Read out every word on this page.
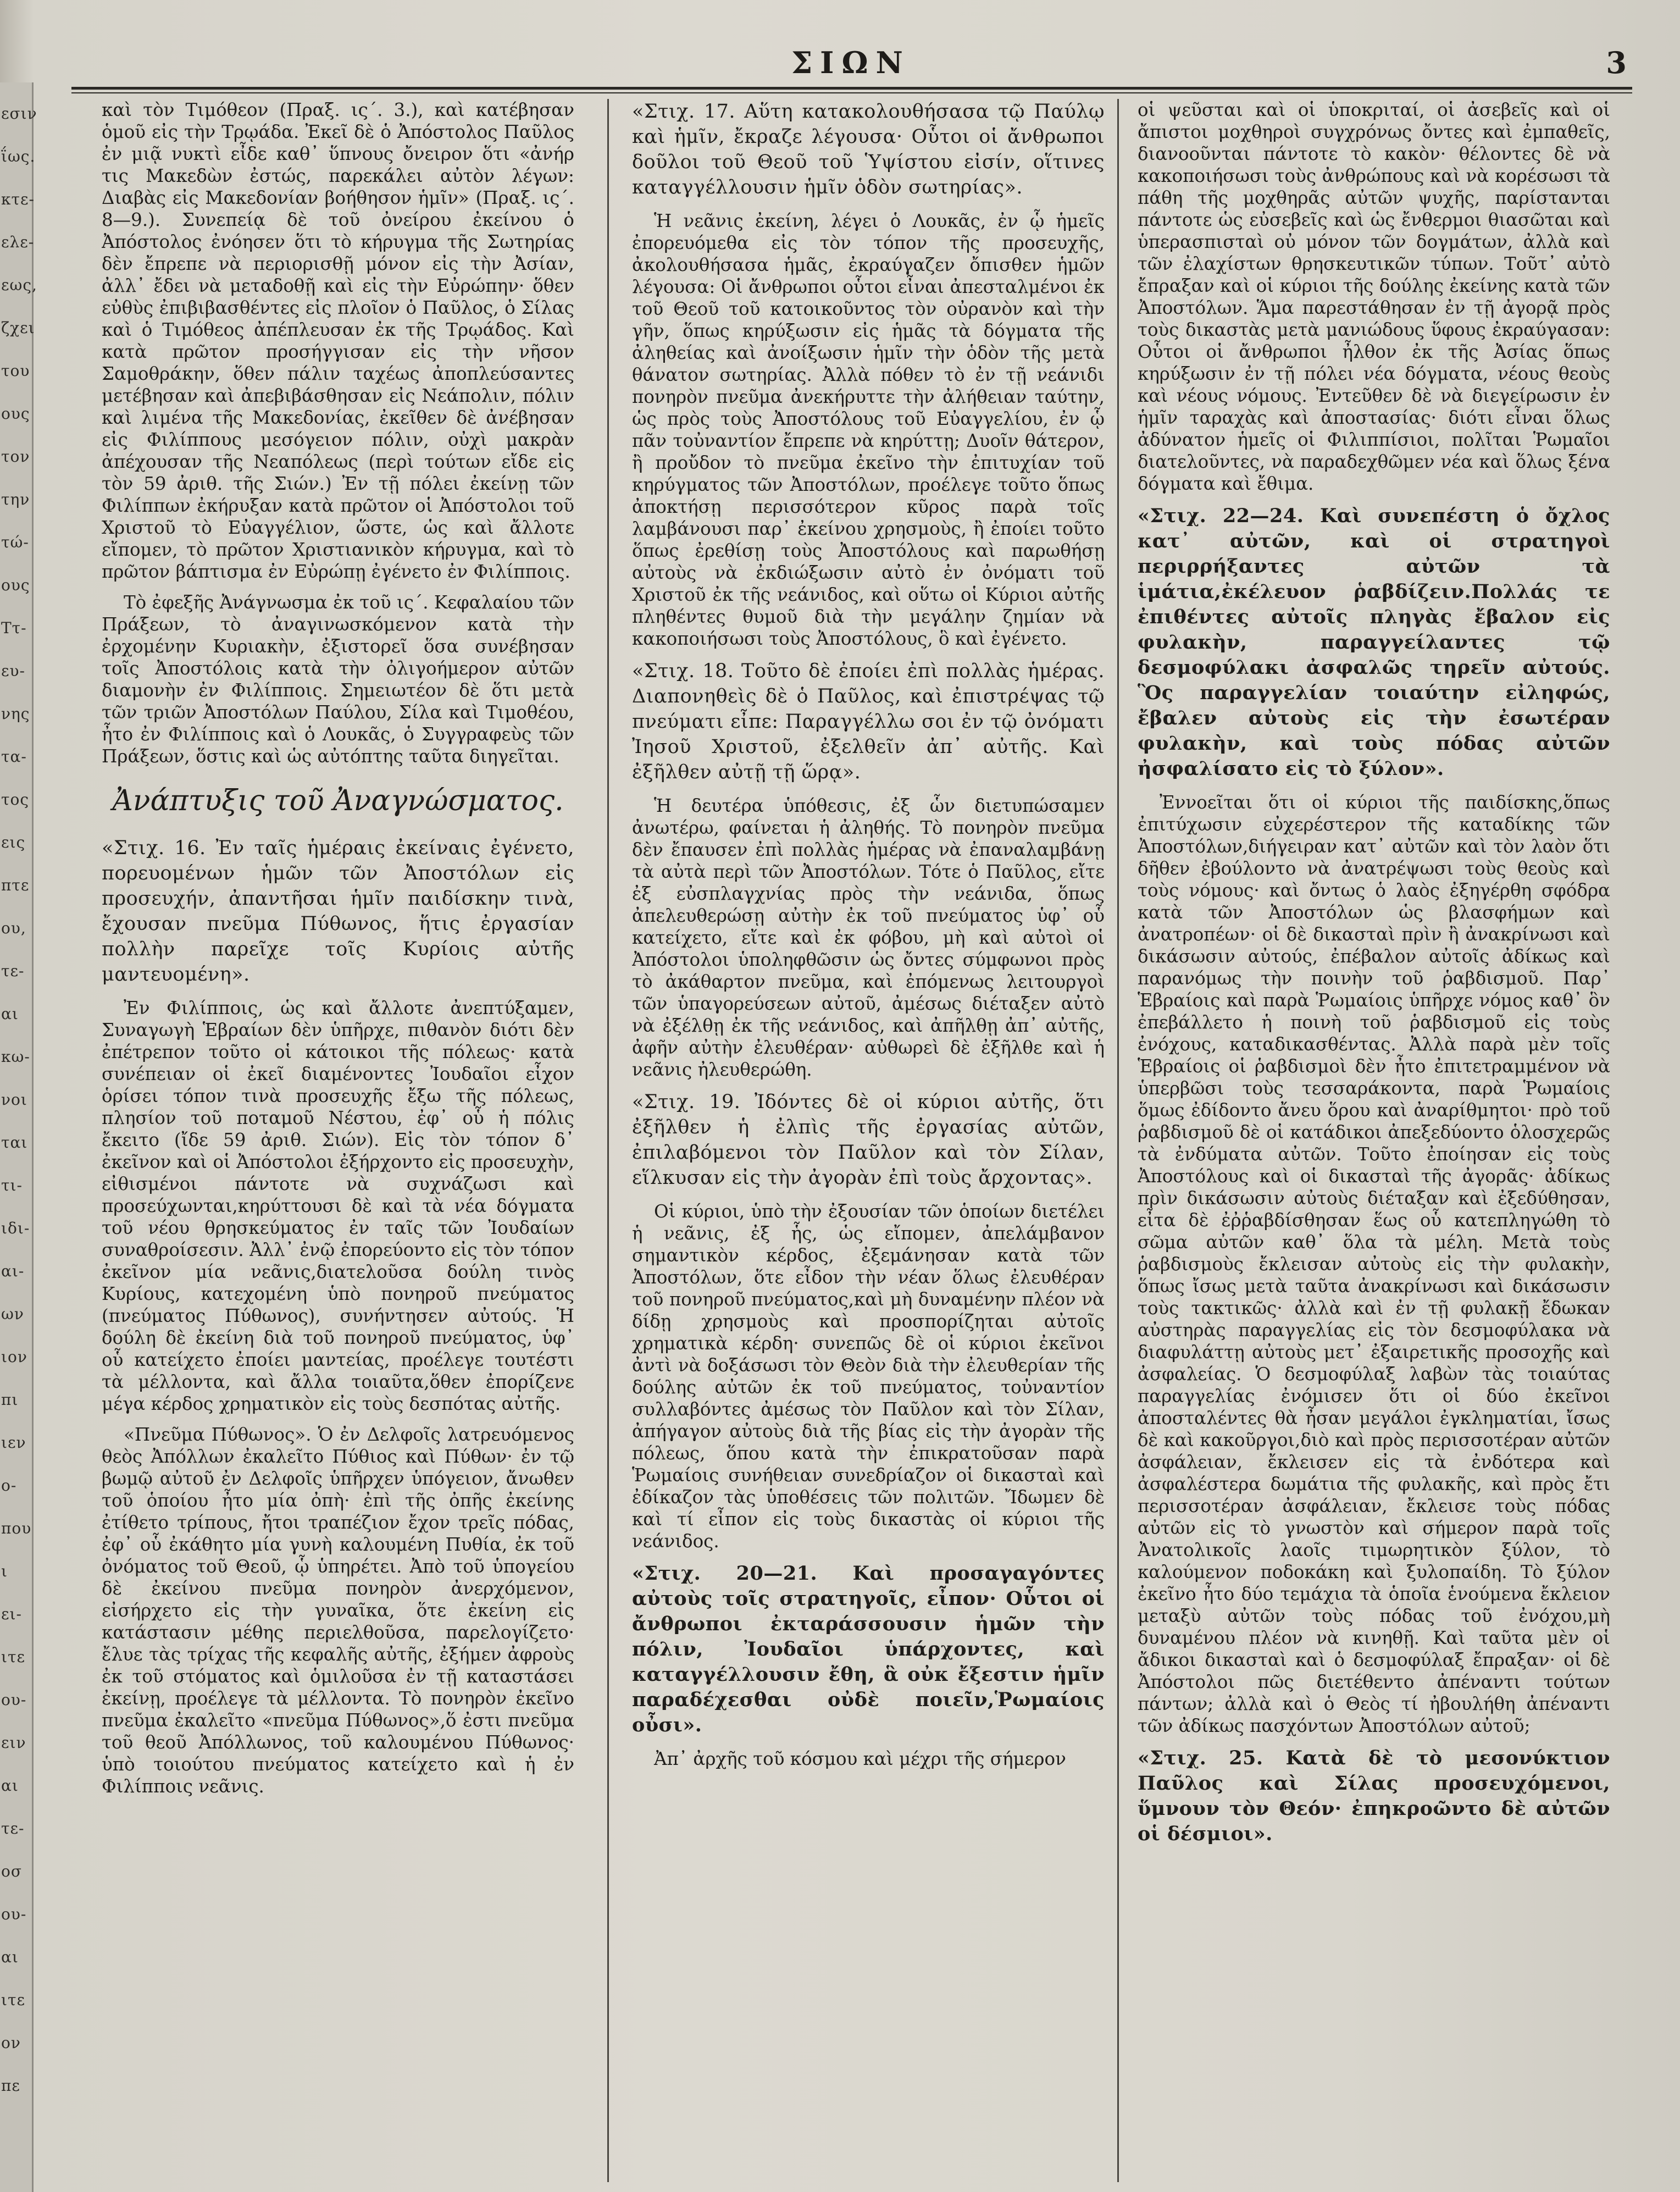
εσιν
ΐως.
κτε-
ελε-
εως,
ζχει
του
ους
τον
την
τώ-
ους
Ττ-
ευ-
νης
τα-
τος
εις
πτε
ου,
τε-
αι
κω-
νοι
ται
τι-
ιδι-
αι-
ων
ιον
πι
ιεν
ο-
που
ι
ει-
ιτε
ου-
ειν
αι
τε-
οσ
ου-
αι
ιτε
ον
πε
ΣΙΩΝ	3

καὶ τὸν Τιμόθεον (Πραξ. ις΄. 3.), καὶ κατέβησαν ὁμοῦ εἰς τὴν Τρῳάδα. Ἐκεῖ δὲ ὁ Ἀπόστολος Παῦλος ἐν μιᾷ νυκτὶ εἶδε καθ᾿ ὕπνους ὄνειρον ὅτι «ἀνήρ τις Μακεδὼν ἐστώς, παρεκάλει αὐτὸν λέγων: Διαβὰς εἰς Μακεδονίαν βοήθησον ἡμῖν» (Πραξ. ις΄. 8—9.). Συνεπείᾳ δὲ τοῦ ὀνείρου ἐκείνου ὁ Ἀπόστολος ἐνόησεν ὅτι τὸ κήρυγμα τῆς Σωτηρίας δὲν ἔπρεπε νὰ περιορισθῇ μόνον εἰς τὴν Ἀσίαν, ἀλλ᾿ ἔδει νὰ μεταδοθῇ καὶ εἰς τὴν Εὐρώπην· ὅθεν εὐθὺς ἐπιβιβασθέντες εἰς πλοῖον ὁ Παῦλος, ὁ Σίλας καὶ ὁ Τιμόθεος ἀπέπλευσαν ἐκ τῆς Τρῳάδος. Καὶ κατὰ πρῶτον προσήγγισαν εἰς τὴν νῆσον Σαμοθράκην, ὅθεν πάλιν ταχέως ἀποπλεύσαντες μετέβησαν καὶ ἀπεβιβάσθησαν εἰς Νεάπολιν, πόλιν καὶ λιμένα τῆς Μακεδονίας, ἐκεῖθεν δὲ ἀνέβησαν εἰς Φιλίππους μεσόγειον πόλιν, οὐχὶ μακρὰν ἀπέχουσαν τῆς Νεαπόλεως (περὶ τούτων εἴδε εἰς τὸν 59 ἀριθ. τῆς Σιών.) Ἐν τῇ πόλει ἐκείνῃ τῶν Φιλίππων ἐκήρυξαν κατὰ πρῶτον οἱ Ἀπόστολοι τοῦ Χριστοῦ τὸ Εὐαγγέλιον, ὥστε, ὡς καὶ ἄλλοτε εἴπομεν, τὸ πρῶτον Χριστιανικὸν κήρυγμα, καὶ τὸ πρῶτον βάπτισμα ἐν Εὐρώπῃ ἐγένετο ἐν Φιλίπποις.

Τὸ ἐφεξῆς Ἀνάγνωσμα ἐκ τοῦ ις΄. Κεφαλαίου τῶν Πράξεων, τὸ ἀναγινωσκόμενον κατὰ τὴν ἐρχομένην Κυριακὴν, ἐξιστορεῖ ὅσα συνέβησαν τοῖς Ἀποστόλοις κατὰ τὴν ὀλιγοήμερον αὐτῶν διαμονὴν ἐν Φιλίπποις. Σημειωτέον δὲ ὅτι μετὰ τῶν τριῶν Ἀποστόλων Παύλου, Σίλα καὶ Τιμοθέου, ἦτο ἐν Φιλίπποις καὶ ὁ Λουκᾶς, ὁ Συγγραφεὺς τῶν Πράξεων, ὅστις καὶ ὡς αὐτόπτης ταῦτα διηγεῖται.

Ἀνάπτυξις τοῦ Ἀναγνώσματος.

«Στιχ. 16. Ἐν ταῖς ἡμέραις ἐκείναις ἐγένετο, πορευομένων ἡμῶν τῶν Ἀποστόλων εἰς προσευχήν, ἀπαντῆσαι ἡμῖν παιδίσκην τινὰ, ἔχουσαν πνεῦμα Πύθωνος, ἥτις ἐργασίαν πολλὴν παρεῖχε τοῖς Κυρίοις αὐτῆς μαντευομένη».

Ἐν Φιλίπποις, ὡς καὶ ἄλλοτε ἀνεπτύξαμεν, Συναγωγὴ Ἑβραίων δὲν ὑπῆρχε, πιθανὸν διότι δὲν ἐπέτρεπον τοῦτο οἱ κάτοικοι τῆς πόλεως· κατὰ συνέπειαν οἱ ἐκεῖ διαμένοντες Ἰουδαῖοι εἶχον ὁρίσει τόπον τινὰ προσευχῆς ἔξω τῆς πόλεως, πλησίον τοῦ ποταμοῦ Νέστου, ἐφ᾿ οὗ ἡ πόλις ἔκειτο (ἴδε 59 ἀριθ. Σιών). Εἰς τὸν τόπον δ᾿ ἐκεῖνον καὶ οἱ Ἀπόστολοι ἐξήρχοντο εἰς προσευχὴν, εἰθισμένοι πάντοτε νὰ συχνάζωσι καὶ προσεύχωνται,κηρύττουσι δὲ καὶ τὰ νέα δόγματα τοῦ νέου θρησκεύματος ἐν ταῖς τῶν Ἰουδαίων συναθροίσεσιν. Ἀλλ᾿ ἐνῷ ἐπορεύοντο εἰς τὸν τόπον ἐκεῖνον μία νεᾶνις,διατελοῦσα δούλη τινὸς Κυρίους, κατεχομένη ὑπὸ πονηροῦ πνεύματος (πνεύματος Πύθωνος), συνήντησεν αὐτούς. Ἡ δούλη δὲ ἐκείνη διὰ τοῦ πονηροῦ πνεύματος, ὑφ᾿ οὗ κατείχετο ἐποίει μαντείας, προέλεγε τουτέστι τὰ μέλλοντα, καὶ ἄλλα τοιαῦτα,ὅθεν ἐπορίζενε μέγα κέρδος χρηματικὸν εἰς τοὺς δεσπότας αὐτῆς.

«Πνεῦμα Πύθωνος». Ὁ ἐν Δελφοῖς λατρευόμενος θεὸς Ἀπόλλων ἐκαλεῖτο Πύθιος καὶ Πύθων· ἐν τῷ βωμῷ αὐτοῦ ἐν Δελφοῖς ὑπῆρχεν ὑπόγειον, ἄνωθεν τοῦ ὁποίου ἦτο μία ὀπὴ· ἐπὶ τῆς ὀπῆς ἐκείνης ἐτίθετο τρίπους, ἤτοι τραπέζιον ἔχον τρεῖς πόδας, ἐφ᾿ οὗ ἐκάθητο μία γυνὴ καλουμένη Πυθία, ἐκ τοῦ ὀνόματος τοῦ Θεοῦ, ᾧ ὑπηρέτει. Ἀπὸ τοῦ ὑπογείου δὲ ἐκείνου πνεῦμα πονηρὸν ἀνερχόμενον, εἰσήρχετο εἰς τὴν γυναῖκα, ὅτε ἐκείνη εἰς κατάστασιν μέθης περιελθοῦσα, παρελογίζετο· ἔλυε τὰς τρίχας τῆς κεφαλῆς αὐτῆς, ἐξήμεν ἀφροὺς ἐκ τοῦ στόματος καὶ ὁμιλοῦσα ἐν τῇ καταστάσει ἐκείνῃ, προέλεγε τὰ μέλλοντα. Τὸ πονηρὸν ἐκεῖνο πνεῦμα ἐκαλεῖτο «πνεῦμα Πύθωνος»,ὅ ἐστι πνεῦμα τοῦ θεοῦ Ἀπόλλωνος, τοῦ καλουμένου Πύθωνος· ὑπὸ τοιούτου πνεύματος κατείχετο καὶ ἡ ἐν Φιλίπποις νεᾶνις.

«Στιχ. 17. Αὕτη κατακολουθήσασα τῷ Παύλῳ καὶ ἡμῖν, ἔκραζε λέγουσα· Οὗτοι οἱ ἄνθρωποι δοῦλοι τοῦ Θεοῦ τοῦ Ὑψίστου εἰσίν, οἵτινες καταγγέλλουσιν ἡμῖν ὁδὸν σωτηρίας».

Ἡ νεᾶνις ἐκείνη, λέγει ὁ Λουκᾶς, ἐν ᾧ ἡμεῖς ἐπορευόμεθα εἰς τὸν τόπον τῆς προσευχῆς, ἀκολουθήσασα ἡμᾶς, ἐκραύγαζεν ὄπισθεν ἡμῶν λέγουσα: Οἱ ἄνθρωποι οὗτοι εἶναι ἀπεσταλμένοι ἐκ τοῦ Θεοῦ τοῦ κατοικοῦντος τὸν οὐρανὸν καὶ τὴν γῆν, ὅπως κηρύξωσιν εἰς ἡμᾶς τὰ δόγματα τῆς ἀληθείας καὶ ἀνοίξωσιν ἡμῖν τὴν ὁδὸν τῆς μετὰ θάνατον σωτηρίας. Ἀλλὰ πόθεν τὸ ἐν τῇ νεάνιδι πονηρὸν πνεῦμα ἀνεκήρυττε τὴν ἀλήθειαν ταύτην, ὡς πρὸς τοὺς Ἀποστόλους τοῦ Εὐαγγελίου, ἐν ᾧ πᾶν τοὐναντίον ἔπρεπε νὰ κηρύττῃ; Δυοῖν θάτερον, ἢ προὔδον τὸ πνεῦμα ἐκεῖνο τὴν ἐπιτυχίαν τοῦ κηρύγματος τῶν Ἀποστόλων, προέλεγε τοῦτο ὅπως ἀποκτήσῃ περισσότερον κῦρος παρὰ τοῖς λαμβάνουσι παρ᾿ ἐκείνου χρησμοὺς, ἢ ἐποίει τοῦτο ὅπως ἐρεθίσῃ τοὺς Ἀποστόλους καὶ παρωθήσῃ αὐτοὺς νὰ ἐκδιώξωσιν αὐτὸ ἐν ὀνόματι τοῦ Χριστοῦ ἐκ τῆς νεάνιδος, καὶ οὕτω οἱ Κύριοι αὐτῆς πληθέντες θυμοῦ διὰ τὴν μεγάλην ζημίαν νὰ κακοποιήσωσι τοὺς Ἀποστόλους, ὃ καὶ ἐγένετο.

«Στιχ. 18. Τοῦτο δὲ ἐποίει ἐπὶ πολλὰς ἡμέρας. Διαπονηθεὶς δὲ ὁ Παῦλος, καὶ ἐπιστρέψας τῷ πνεύματι εἶπε: Παραγγέλλω σοι ἐν τῷ ὀνόματι Ἰησοῦ Χριστοῦ, ἐξελθεῖν ἀπ᾿ αὐτῆς. Καὶ ἐξῆλθεν αὐτῇ τῇ ὥρᾳ».

Ἡ δευτέρα ὑπόθεσις, ἐξ ὧν διετυπώσαμεν ἀνωτέρω, φαίνεται ἡ ἀληθής. Τὸ πονηρὸν πνεῦμα δὲν ἔπαυσεν ἐπὶ πολλὰς ἡμέρας νὰ ἐπαναλαμβάνῃ τὰ αὐτὰ περὶ τῶν Ἀποστόλων. Τότε ὁ Παῦλος, εἴτε ἐξ εὐσπλαγχνίας πρὸς τὴν νεάνιδα, ὅπως ἀπελευθερώσῃ αὐτὴν ἐκ τοῦ πνεύματος ὑφ᾿ οὗ κατείχετο, εἴτε καὶ ἐκ φόβου, μὴ καὶ αὐτοὶ οἱ Ἀπόστολοι ὑποληφθῶσιν ὡς ὄντες σύμφωνοι πρὸς τὸ ἀκάθαρτον πνεῦμα, καὶ ἐπόμενως λειτουργοὶ τῶν ὑπαγορεύσεων αὐτοῦ, ἀμέσως διέταξεν αὐτὸ νὰ ἐξέλθῃ ἐκ τῆς νεάνιδος, καὶ ἀπῆλθῃ ἀπ᾿ αὐτῆς, ἀφῆν αὐτὴν ἐλευθέραν· αὐθωρεὶ δὲ ἐξῆλθε καὶ ἡ νεᾶνις ἠλευθερώθη.

«Στιχ. 19. Ἰδόντες δὲ οἱ κύριοι αὐτῆς, ὅτι ἐξῆλθεν ἡ ἐλπὶς τῆς ἐργασίας αὐτῶν, ἐπιλαβόμενοι τὸν Παῦλον καὶ τὸν Σίλαν, εἵλκυσαν εἰς τὴν ἀγορὰν ἐπὶ τοὺς ἄρχοντας».

Οἱ κύριοι, ὑπὸ τὴν ἐξουσίαν τῶν ὁποίων διετέλει ἡ νεᾶνις, ἐξ ἧς, ὡς εἴπομεν, ἀπελάμβανον σημαντικὸν κέρδος, ἐξεμάνησαν κατὰ τῶν Ἀποστόλων, ὅτε εἶδον τὴν νέαν ὅλως ἐλευθέραν τοῦ πονηροῦ πνεύματος,καὶ μὴ δυναμένην πλέον νὰ δίδῃ χρησμοὺς καὶ προσπορίζηται αὐτοῖς χρηματικὰ κέρδη· συνεπῶς δὲ οἱ κύριοι ἐκεῖνοι ἀντὶ νὰ δοξάσωσι τὸν Θεὸν διὰ τὴν ἐλευθερίαν τῆς δούλης αὐτῶν ἐκ τοῦ πνεύματος, τοὐναντίον συλλαβόντες ἀμέσως τὸν Παῦλον καὶ τὸν Σίλαν, ἀπήγαγον αὐτοὺς διὰ τῆς βίας εἰς τὴν ἀγορὰν τῆς πόλεως, ὅπου κατὰ τὴν ἐπικρατοῦσαν παρὰ Ῥωμαίοις συνήθειαν συνεδρίαζον οἱ δικασταὶ καὶ ἐδίκαζον τὰς ὑποθέσεις τῶν πολιτῶν. Ἴδωμεν δὲ καὶ τί εἶπον εἰς τοὺς δικαστὰς οἱ κύριοι τῆς νεάνιδος.

«Στιχ. 20—21. Καὶ προσαγαγόντες αὐτοὺς τοῖς στρατηγοῖς, εἶπον· Οὗτοι οἱ ἄνθρωποι ἐκταράσσουσιν ἡμῶν τὴν πόλιν, Ἰουδαῖοι ὑπάρχοντες, καὶ καταγγέλλουσιν ἔθη, ἃ οὐκ ἔξεστιν ἡμῖν παραδέχεσθαι οὐδὲ ποιεῖν,Ῥωμαίοις οὖσι».

Ἀπ᾿ ἀρχῆς τοῦ κόσμου καὶ μέχρι τῆς σήμερον

οἱ ψεῦσται καὶ οἱ ὑποκριταί, οἱ ἀσεβεῖς καὶ οἱ ἄπιστοι μοχθηροὶ συγχρόνως ὄντες καὶ ἐμπαθεῖς, διανοοῦνται πάντοτε τὸ κακὸν· θέλοντες δὲ νὰ κακοποιήσωσι τοὺς ἀνθρώπους καὶ νὰ κορέσωσι τὰ πάθη τῆς μοχθηρᾶς αὐτῶν ψυχῆς, παρίστανται πάντοτε ὡς εὐσεβεῖς καὶ ὡς ἔνθερμοι θιασῶται καὶ ὑπερασπισταὶ οὐ μόνον τῶν δογμάτων, ἀλλὰ καὶ τῶν ἐλαχίστων θρησκευτικῶν τύπων. Τοῦτ᾿ αὐτὸ ἔπραξαν καὶ οἱ κύριοι τῆς δούλης ἐκείνης κατὰ τῶν Ἀποστόλων. Ἅμα παρεστάθησαν ἐν τῇ ἀγορᾷ πρὸς τοὺς δικαστὰς μετὰ μανιώδους ὕφους ἐκραύγασαν: Οὗτοι οἱ ἄνθρωποι ἦλθον ἐκ τῆς Ἀσίας ὅπως κηρύξωσιν ἐν τῇ πόλει νέα δόγματα, νέους θεοὺς καὶ νέους νόμους. Ἐντεῦθεν δὲ νὰ διεγείρωσιν ἐν ἡμῖν ταραχὰς καὶ ἀποστασίας· διότι εἶναι ὅλως ἀδύνατον ἡμεῖς οἱ Φιλιππίσιοι, πολῖται Ῥωμαῖοι διατελοῦντες, νὰ παραδεχθῶμεν νέα καὶ ὅλως ξένα δόγματα καὶ ἔθιμα.

«Στιχ. 22—24. Καὶ συνεπέστη ὁ ὄχλος κατ᾿ αὐτῶν, καὶ οἱ στρατηγοὶ περιρρήξαντες αὐτῶν τὰ ἱμάτια,ἐκέλευον ῥαβδίζειν.Πολλάς τε ἐπιθέντες αὐτοῖς πληγὰς ἔβαλον εἰς φυλακὴν, παραγγείλαντες τῷ δεσμοφύλακι ἀσφαλῶς τηρεῖν αὐτούς. Ὃς παραγγελίαν τοιαύτην εἰληφώς, ἔβαλεν αὐτοὺς εἰς τὴν ἐσωτέραν φυλακὴν, καὶ τοὺς πόδας αὐτῶν ἠσφαλίσατο εἰς τὸ ξύλον».

Ἐννοεῖται ὅτι οἱ κύριοι τῆς παιδίσκης,ὅπως ἐπιτύχωσιν εὐχερέστερον τῆς καταδίκης τῶν Ἀποστόλων,διήγειραν κατ᾿ αὐτῶν καὶ τὸν λαὸν ὅτι δῆθεν ἐβούλοντο νὰ ἀνατρέψωσι τοὺς θεοὺς καὶ τοὺς νόμους· καὶ ὄντως ὁ λαὸς ἐξηγέρθη σφόδρα κατὰ τῶν Ἀποστόλων ὡς βλασφήμων καὶ ἀνατροπέων· οἱ δὲ δικασταὶ πρὶν ἢ ἀνακρίνωσι καὶ δικάσωσιν αὐτούς, ἐπέβαλον αὐτοῖς ἀδίκως καὶ παρανόμως τὴν ποινὴν τοῦ ῥαβδισμοῦ. Παρ᾿ Ἑβραίοις καὶ παρὰ Ῥωμαίοις ὑπῆρχε νόμος καθ᾿ ὃν ἐπεβάλλετο ἡ ποινὴ τοῦ ῥαβδισμοῦ εἰς τοὺς ἐνόχους, καταδικασθέντας. Ἀλλὰ παρὰ μὲν τοῖς Ἑβραίοις οἱ ῥαβδισμοὶ δὲν ἦτο ἐπιτετραμμένον νὰ ὑπερβῶσι τοὺς τεσσαράκοντα, παρὰ Ῥωμαίοις ὅμως ἐδίδοντο ἄνευ ὅρου καὶ ἀναρίθμητοι· πρὸ τοῦ ῥαβδισμοῦ δὲ οἱ κατάδικοι ἀπεξεδύοντο ὁλοσχερῶς τὰ ἐνδύματα αὐτῶν. Τοῦτο ἐποίησαν εἰς τοὺς Ἀποστόλους καὶ οἱ δικασταὶ τῆς ἀγορᾶς· ἀδίκως πρὶν δικάσωσιν αὐτοὺς διέταξαν καὶ ἐξεδύθησαν, εἶτα δὲ ἐῤῥαβδίσθησαν ἕως οὗ κατεπληγώθη τὸ σῶμα αὐτῶν καθ᾿ ὅλα τὰ μέλη. Μετὰ τοὺς ῥαβδισμοὺς ἔκλεισαν αὐτοὺς εἰς τὴν φυλακὴν, ὅπως ἴσως μετὰ ταῦτα ἀνακρίνωσι καὶ δικάσωσιν τοὺς τακτικῶς· ἀλλὰ καὶ ἐν τῇ φυλακῇ ἔδωκαν αὐστηρὰς παραγγελίας εἰς τὸν δεσμοφύλακα νὰ διαφυλάττῃ αὐτοὺς μετ᾿ ἐξαιρετικῆς προσοχῆς καὶ ἀσφαλείας. Ὁ δεσμοφύλαξ λαβὼν τὰς τοιαύτας παραγγελίας ἐνόμισεν ὅτι οἱ δύο ἐκεῖνοι ἀποσταλέντες θὰ ἦσαν μεγάλοι ἐγκληματίαι, ἴσως δὲ καὶ κακοῦργοι,διὸ καὶ πρὸς περισσοτέραν αὐτῶν ἀσφάλειαν, ἔκλεισεν εἰς τὰ ἐνδότερα καὶ ἀσφαλέστερα δωμάτια τῆς φυλακῆς, καὶ πρὸς ἔτι περισσοτέραν ἀσφάλειαν, ἔκλεισε τοὺς πόδας αὐτῶν εἰς τὸ γνωστὸν καὶ σήμερον παρὰ τοῖς Ἀνατολικοῖς λαοῖς τιμωρητικὸν ξύλον, τὸ καλούμενον ποδοκάκη καὶ ξυλοπαίδη. Τὸ ξύλον ἐκεῖνο ἦτο δύο τεμάχια τὰ ὁποῖα ἑνούμενα ἔκλειον μεταξὺ αὐτῶν τοὺς πόδας τοῦ ἐνόχου,μὴ δυναμένου πλέον νὰ κινηθῇ. Καὶ ταῦτα μὲν οἱ ἄδικοι δικασταὶ καὶ ὁ δεσμοφύλαξ ἔπραξαν· οἱ δὲ Ἀπόστολοι πῶς διετέθεντο ἀπέναντι τούτων πάντων; ἀλλὰ καὶ ὁ Θεὸς τί ἠβουλήθη ἀπέναντι τῶν ἀδίκως πασχόντων Ἀποστόλων αὐτοῦ;

«Στιχ. 25. Κατὰ δὲ τὸ μεσονύκτιον Παῦλος καὶ Σίλας προσευχόμενοι, ὕμνουν τὸν Θεόν· ἐπηκροῶντο δὲ αὐτῶν οἱ δέσμιοι».
